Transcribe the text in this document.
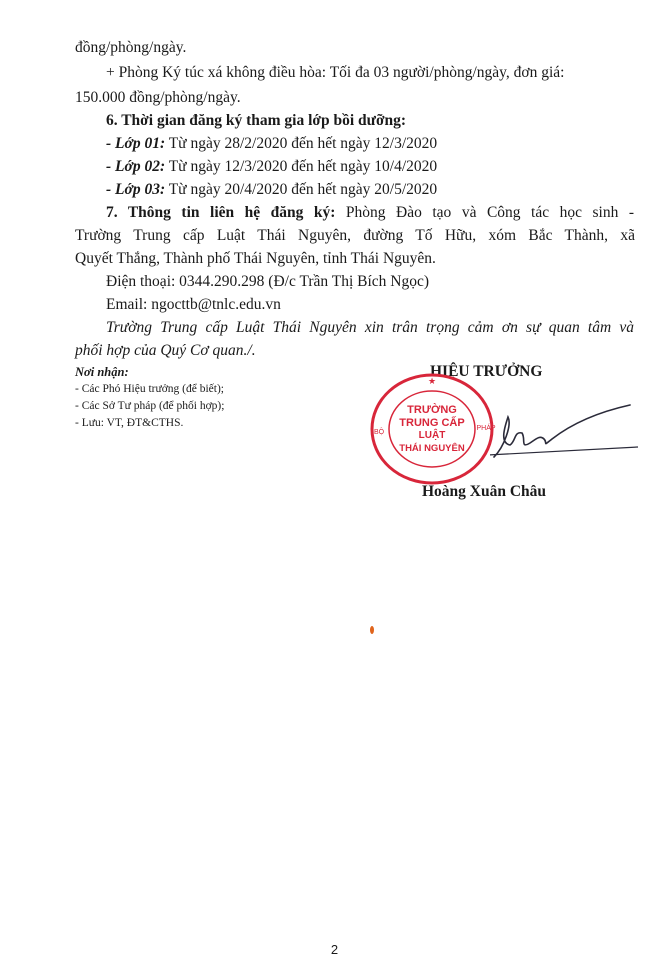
đồng/phòng/ngày.
+ Phòng Ký túc xá không điều hòa: Tối đa 03 người/phòng/ngày, đơn giá:
150.000 đồng/phòng/ngày.
6. Thời gian đăng ký tham gia lớp bồi dưỡng:
- Lớp 01: Từ ngày 28/2/2020 đến hết ngày 12/3/2020
- Lớp 02: Từ ngày 12/3/2020 đến hết ngày 10/4/2020
- Lớp 03: Từ ngày 20/4/2020 đến hết ngày 20/5/2020
7. Thông tin liên hệ đăng ký: Phòng Đào tạo và Công tác học sinh -
Trường Trung cấp Luật Thái Nguyên, đường Tố Hữu, xóm Bắc Thành, xã
Quyết Thắng, Thành phố Thái Nguyên, tỉnh Thái Nguyên.
Điện thoại: 0344.290.298 (Đ/c Trần Thị Bích Ngọc)
Email: ngocttb@tnlc.edu.vn
Trường Trung cấp Luật Thái Nguyên xin trân trọng cảm ơn sự quan tâm và
phối hợp của Quý Cơ quan./.
Nơi nhận:
- Các Phó Hiệu trưởng (để biết);
- Các Sở Tư pháp (để phối hợp);
- Lưu: VT, ĐT&CTHS.
HIỆU TRƯỞNG
TRƯỜNG
TRUNG CẤP
LUẬT
THÁI NGUYÊN
BỘ
PHÁP
★
Hoàng Xuân Châu
2
